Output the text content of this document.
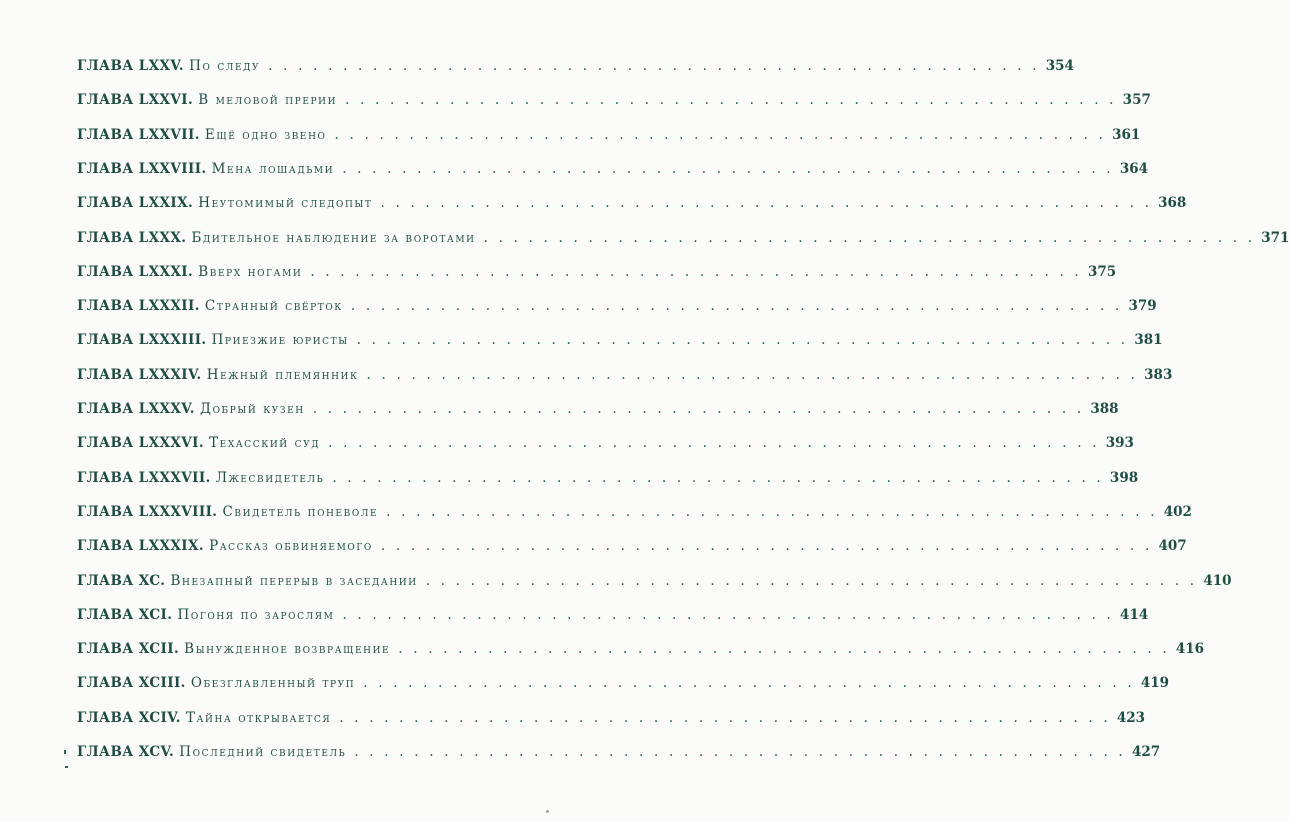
ГЛАВА LXXV. По следу . . . . . . . . . . . . . . . . . . . . . . . . . . . . . . . . . . . . . . . . . . . . . . . . . . . . 354
ГЛАВА LXXVI. В меловой прерии . . . . . . . . . . . . . . . . . . . . . . . . . . . . . . . . . . . . . . . . . . . . . . . . . . . . 357
ГЛАВА LXXVII. Ещё одно звено . . . . . . . . . . . . . . . . . . . . . . . . . . . . . . . . . . . . . . . . . . . . . . . . . . . . 361
ГЛАВА LXXVIII. Мена лошадьми . . . . . . . . . . . . . . . . . . . . . . . . . . . . . . . . . . . . . . . . . . . . . . . . . . . . 364
ГЛАВА LXXIX. Неутомимый следопыт . . . . . . . . . . . . . . . . . . . . . . . . . . . . . . . . . . . . . . . . . . . . . . . . . . . . 368
ГЛАВА LXXX. Бдительное наблюдение за воротами . . . . . . . . . . . . . . . . . . . . . . . . . . . . . . . . . . . . . . . . . . . . . . . . . . . . 371
ГЛАВА LXXXI. Вверх ногами . . . . . . . . . . . . . . . . . . . . . . . . . . . . . . . . . . . . . . . . . . . . . . . . . . . . 375
ГЛАВА LXXXII. Странный свёрток . . . . . . . . . . . . . . . . . . . . . . . . . . . . . . . . . . . . . . . . . . . . . . . . . . . . 379
ГЛАВА LXXXIII. Приезжие юристы . . . . . . . . . . . . . . . . . . . . . . . . . . . . . . . . . . . . . . . . . . . . . . . . . . . . 381
ГЛАВА LXXXIV. Нежный племянник . . . . . . . . . . . . . . . . . . . . . . . . . . . . . . . . . . . . . . . . . . . . . . . . . . . . 383
ГЛАВА LXXXV. Добрый кузен . . . . . . . . . . . . . . . . . . . . . . . . . . . . . . . . . . . . . . . . . . . . . . . . . . . . 388
ГЛАВА LXXXVI. Техасский суд . . . . . . . . . . . . . . . . . . . . . . . . . . . . . . . . . . . . . . . . . . . . . . . . . . . . 393
ГЛАВА LXXXVII. Лжесвидетель . . . . . . . . . . . . . . . . . . . . . . . . . . . . . . . . . . . . . . . . . . . . . . . . . . . . 398
ГЛАВА LXXXVIII. Свидетель поневоле . . . . . . . . . . . . . . . . . . . . . . . . . . . . . . . . . . . . . . . . . . . . . . . . . . . . 402
ГЛАВА LXXXIX. Рассказ обвиняемого . . . . . . . . . . . . . . . . . . . . . . . . . . . . . . . . . . . . . . . . . . . . . . . . . . . . 407
ГЛАВА XC. Внезапный перерыв в заседании . . . . . . . . . . . . . . . . . . . . . . . . . . . . . . . . . . . . . . . . . . . . . . . . . . . . 410
ГЛАВА XCI. Погоня по зарослям . . . . . . . . . . . . . . . . . . . . . . . . . . . . . . . . . . . . . . . . . . . . . . . . . . . . 414
ГЛАВА XCII. Вынужденное возвращение . . . . . . . . . . . . . . . . . . . . . . . . . . . . . . . . . . . . . . . . . . . . . . . . . . . . 416
ГЛАВА XCIII. Обезглавленный труп . . . . . . . . . . . . . . . . . . . . . . . . . . . . . . . . . . . . . . . . . . . . . . . . . . . . 419
ГЛАВА XCIV. Тайна открывается . . . . . . . . . . . . . . . . . . . . . . . . . . . . . . . . . . . . . . . . . . . . . . . . . . . . 423
ГЛАВА XCV. Последний свидетель . . . . . . . . . . . . . . . . . . . . . . . . . . . . . . . . . . . . . . . . . . . . . . . . . . . . 427
